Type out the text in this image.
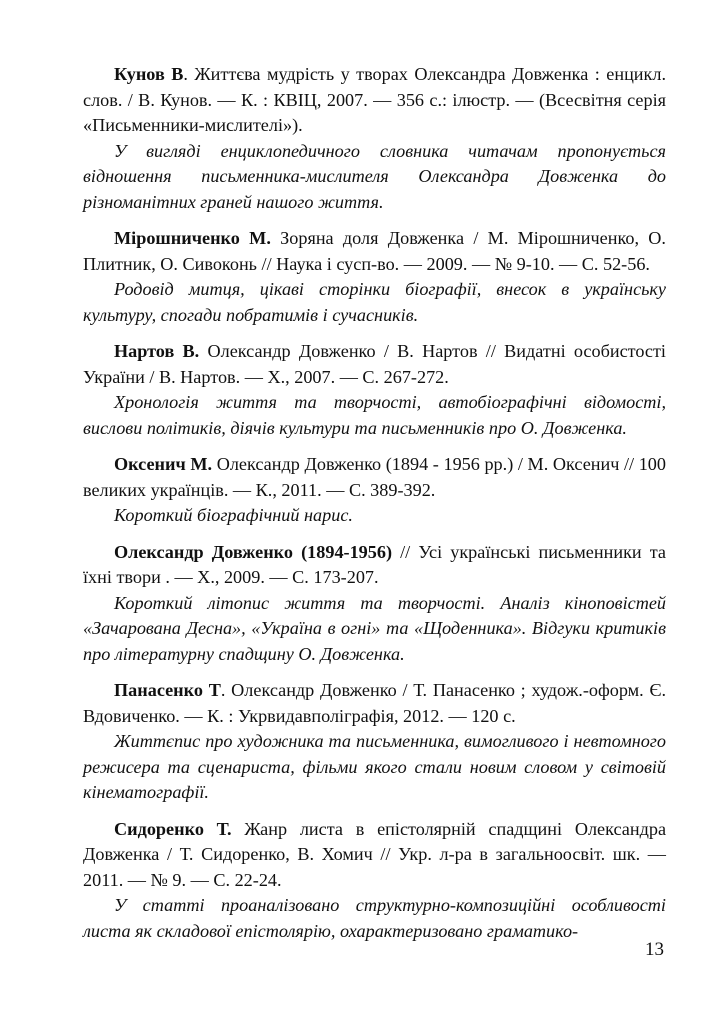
Кунов В. Життєва мудрість у творах Олександра Довженка : енцикл. слов. / В. Кунов. — К. : КВІЦ, 2007. — 356 с.: ілюстр. — (Всесвітня серія «Письменники-мислителі»).

У вигляді енциклопедичного словника читачам пропонується відношення письменника-мислителя Олександра Довженка до різноманітних граней нашого життя.

Мірошниченко М. Зоряна доля Довженка / М. Мірошниченко, О. Плитник, О. Сивоконь // Наука і сусп-во. — 2009. — № 9-10. — С. 52-56.

Родовід митця, цікаві сторінки біографії, внесок в українську культуру, спогади побратимів і сучасників.

Нартов В. Олександр Довженко / В. Нартов // Видатні особистості України / В. Нартов. — Х., 2007. — С. 267-272.

Хронологія життя та творчості, автобіографічні відомості, вислови політиків, діячів культури та письменників про О. Довженка.

Оксенич М. Олександр Довженко (1894 - 1956 рр.) / М. Оксенич // 100 великих українців. — К., 2011. — С. 389-392.

Короткий біографічний нарис.

Олександр Довженко (1894-1956) // Усі українські письменники та їхні твори . — Х., 2009. — С. 173-207.

Короткий літопис життя та творчості. Аналіз кіноповістей «Зачарована Десна», «Україна в огні» та «Щоденника». Відгуки критиків про літературну спадщину О. Довженка.

Панасенко Т. Олександр Довженко / Т. Панасенко ; худож.-оформ. Є. Вдовиченко. — К. : Укрвидавполіграфія, 2012. — 120 с.

Життєпис про художника та письменника, вимогливого і невтомного режисера та сценариста, фільми якого стали новим словом у світовій кінематографії.

Сидоренко Т. Жанр листа в епістолярній спадщині Олександра Довженка / Т. Сидоренко, В. Хомич // Укр. л-ра в загальноосвіт. шк. — 2011. — № 9. — С. 22-24.

У статті проаналізовано структурно-композиційні особливості листа як складової епістолярію, охарактеризовано граматико-

13
